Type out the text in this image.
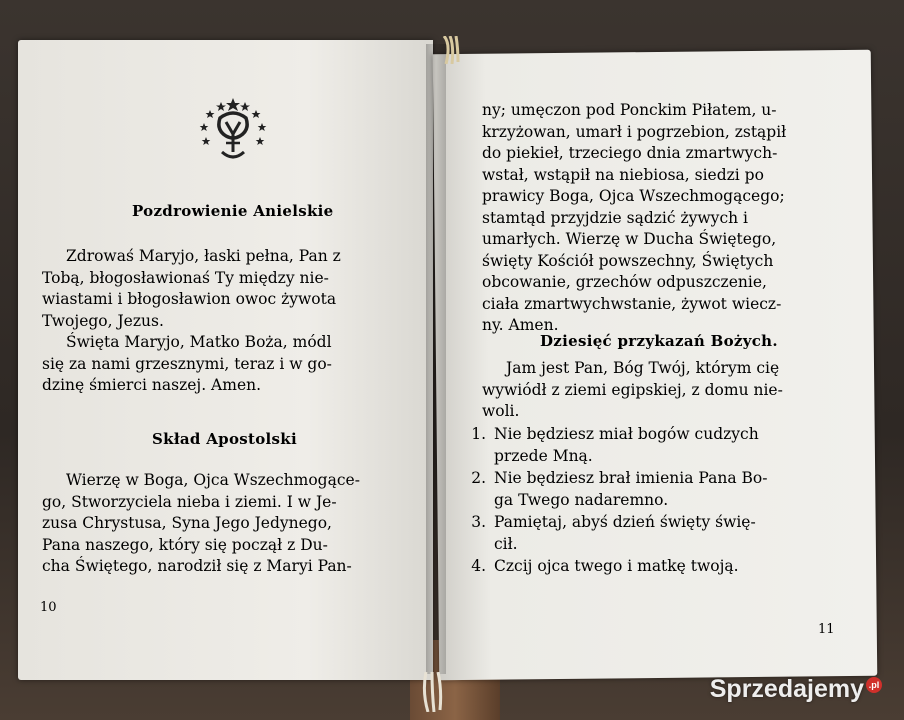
Pozdrowienie Anielskie
Zdrowaś Maryjo, łaski pełna, Pan z
Tobą, błogosławionaś Ty między nie-
wiastami i błogosławion owoc żywota
Twojego, Jezus.
Święta Maryjo, Matko Boża, módl
się za nami grzesznymi, teraz i w go-
dzinę śmierci naszej. Amen.
Skład Apostolski
Wierzę w Boga, Ojca Wszechmogące-
go, Stworzyciela nieba i ziemi. I w Je-
zusa Chrystusa, Syna Jego Jedynego,
Pana naszego, który się począł z Du-
cha Świętego, narodził się z Maryi Pan-
10
ny; umęczon pod Ponckim Piłatem, u-
krzyżowan, umarł i pogrzebion, zstąpił
do piekieł, trzeciego dnia zmartwych-
wstał, wstąpił na niebiosa, siedzi po
prawicy Boga, Ojca Wszechmogącego;
stamtąd przyjdzie sądzić żywych i
umarłych. Wierzę w Ducha Świętego,
święty Kościół powszechny, Świętych
obcowanie, grzechów odpuszczenie,
ciała zmartwychwstanie, żywot wiecz-
ny. Amen.
Dziesięć przykazań Bożych.
Jam jest Pan, Bóg Twój, którym cię
wywiódł z ziemi egipskiej, z domu nie-
woli.
1. Nie będziesz miał bogów cudzych
przede Mną.
2. Nie będziesz brał imienia Pana Bo-
ga Twego nadaremno.
3. Pamiętaj, abyś dzień święty świę-
cił.
4. Czcij ojca twego i matkę twoją.
11
Sprzedajemy .pl
